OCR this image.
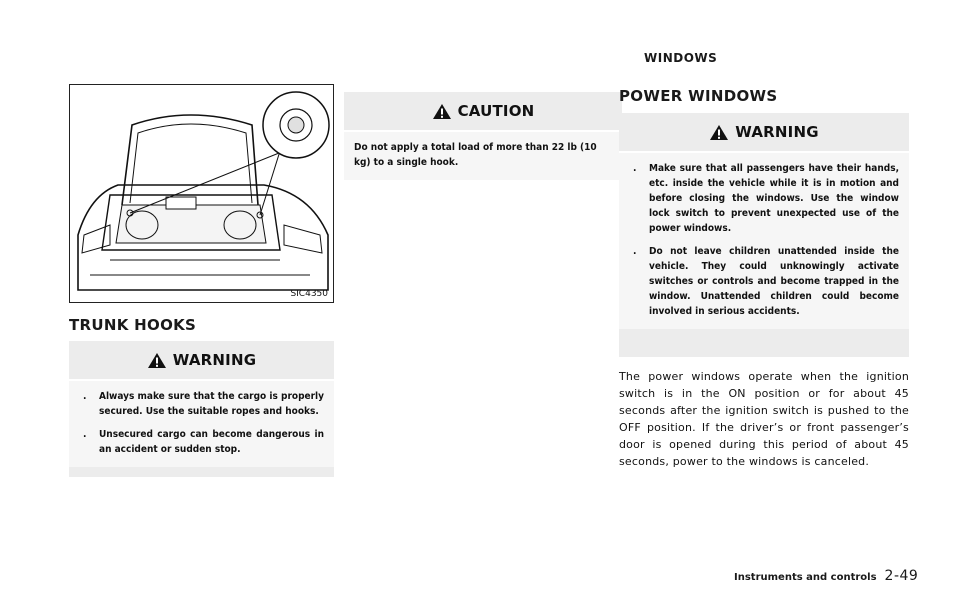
SIC4350
TRUNK HOOKS
WARNING
.	Always make sure that the cargo is properly secured. Use the suitable ropes and hooks.
.	Unsecured cargo can become dangerous in an accident or sudden stop.
CAUTION
Do not apply a total load of more than 22 lb (10 kg) to a single hook.
WINDOWS
POWER WINDOWS
WARNING
.	Make sure that all passengers have their hands, etc. inside the vehicle while it is in motion and before closing the windows. Use the window lock switch to prevent unexpected use of the power windows.
.	Do not leave children unattended inside the vehicle. They could unknowingly activate switches or controls and become trapped in the window. Unattended children could become involved in serious accidents.

The power windows operate when the ignition switch is in the ON position or for about 45 seconds after the ignition switch is pushed to the OFF position. If the driver’s or front passenger’s door is opened during this period of about 45 seconds, power to the windows is canceled.

Instruments and controls 2-49
